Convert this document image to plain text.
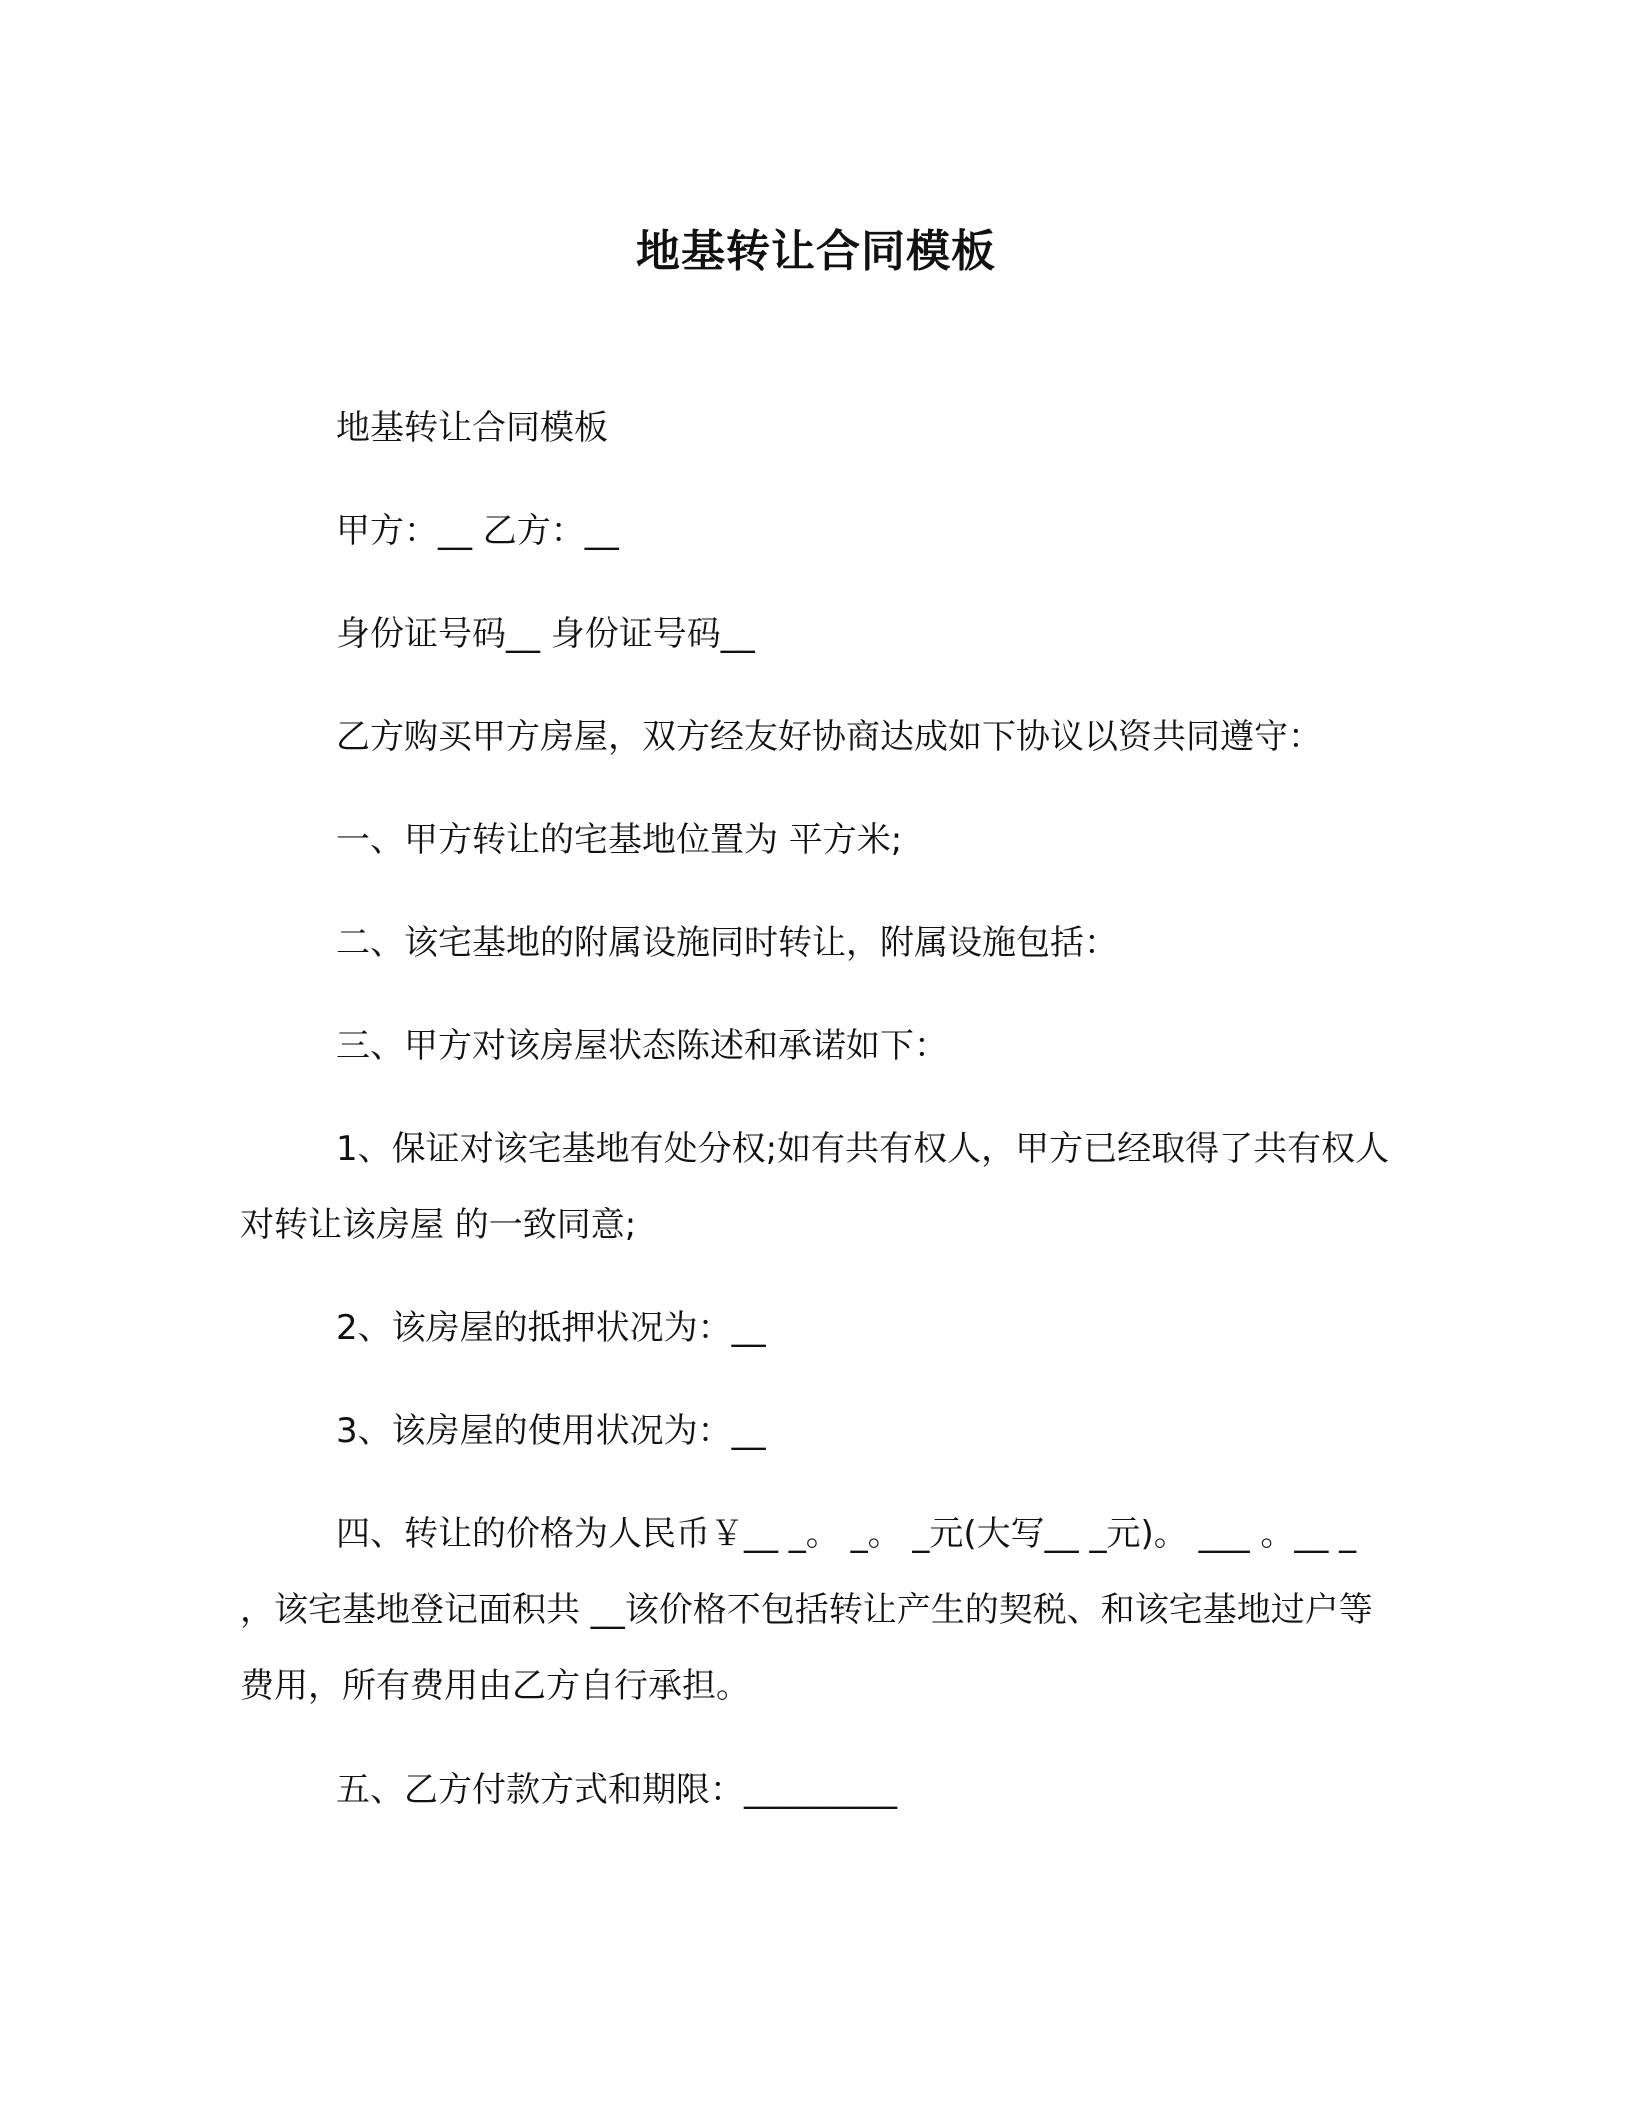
地基转让合同模板

地基转让合同模板

甲方：__ 乙方：__

身份证号码__ 身份证号码__

乙方购买甲方房屋，双方经友好协商达成如下协议以资共同遵守：

一、甲方转让的宅基地位置为 平方米;

二、该宅基地的附属设施同时转让，附属设施包括：

三、甲方对该房屋状态陈述和承诺如下：

1、保证对该宅基地有处分权;如有共有权人，甲方已经取得了共有权人对转让该房屋 的一致同意;

2、该房屋的抵押状况为：__

3、该房屋的使用状况为：__

四、转让的价格为人民币￥__ _。 _。 _元(大写__ _元)。 ___ 。__ _ ，该宅基地登记面积共 __该价格不包括转让产生的契税、和该宅基地过户等费用，所有费用由乙方自行承担。

五、乙方付款方式和期限：_________
